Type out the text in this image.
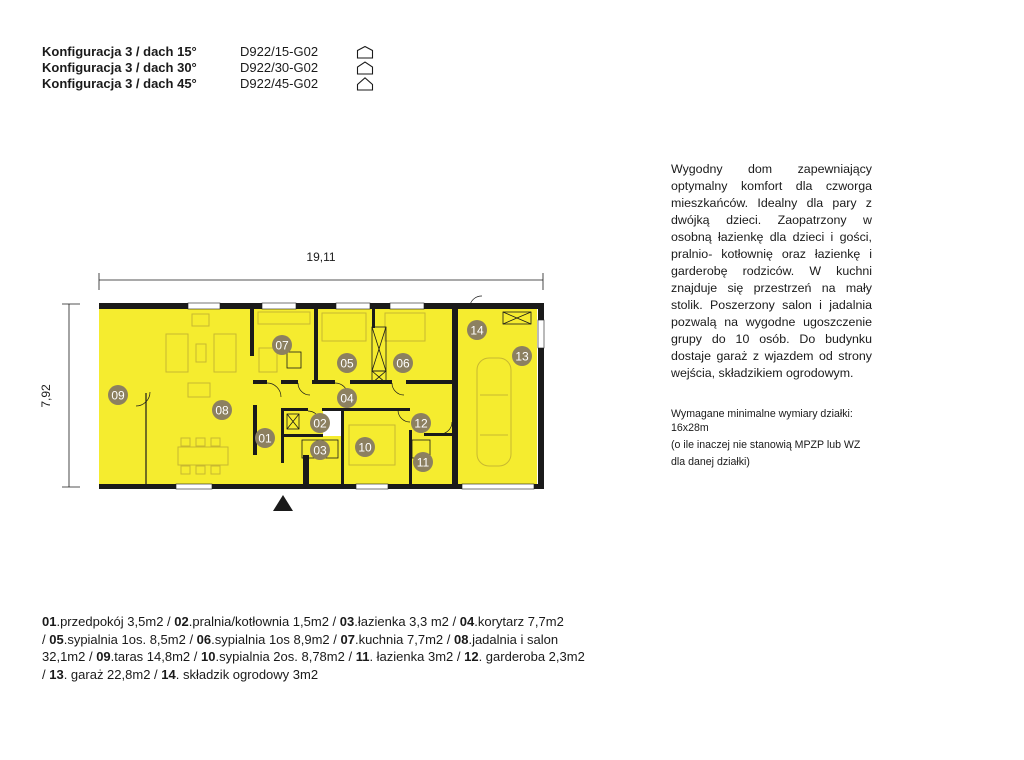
Konfiguracja 3 / dach 15°	D922/15-G02
Konfiguracja 3 / dach 30°	D922/30-G02
Konfiguracja 3 / dach 45°	D922/45-G02
Wygodny dom zapewniający optymalny komfort dla czworga mieszkańców. Idealny dla pary z dwójką dzieci. Zaopatrzony w osobną łazienkę dla dzieci i gości, pralnio- kotłownię oraz łazienkę i garderobę rodziców. W kuchni znajduje się przestrzeń na mały stolik. Poszerzony salon i jadalnia pozwalą na wygodne ugoszczenie grupy do 10 osób. Do budynku dostaje garaż z wjazdem od strony wejścia, składzikiem ogrodowym.

Wymagane minimalne wymiary działki:

16x28m

(o ile inaczej nie stanowią MPZP lub WZ

dla danej działki)

19,11
7,92	09
08
07
05	06
04
02
01
03	10
12
11
14
13
01.przedpokój 3,5m2 / 02.pralnia/kotłownia 1,5m2 / 03.łazienka 3,3 m2 / 04.korytarz 7,7m2
/ 05.sypialnia 1os. 8,5m2 / 06.sypialnia 1os 8,9m2 / 07.kuchnia 7,7m2 / 08.jadalnia i salon
32,1m2 / 09.taras 14,8m2 / 10.sypialnia 2os. 8,78m2 / 11. łazienka 3m2 / 12. garderoba 2,3m2
/ 13. garaż 22,8m2 / 14. składzik ogrodowy 3m2
